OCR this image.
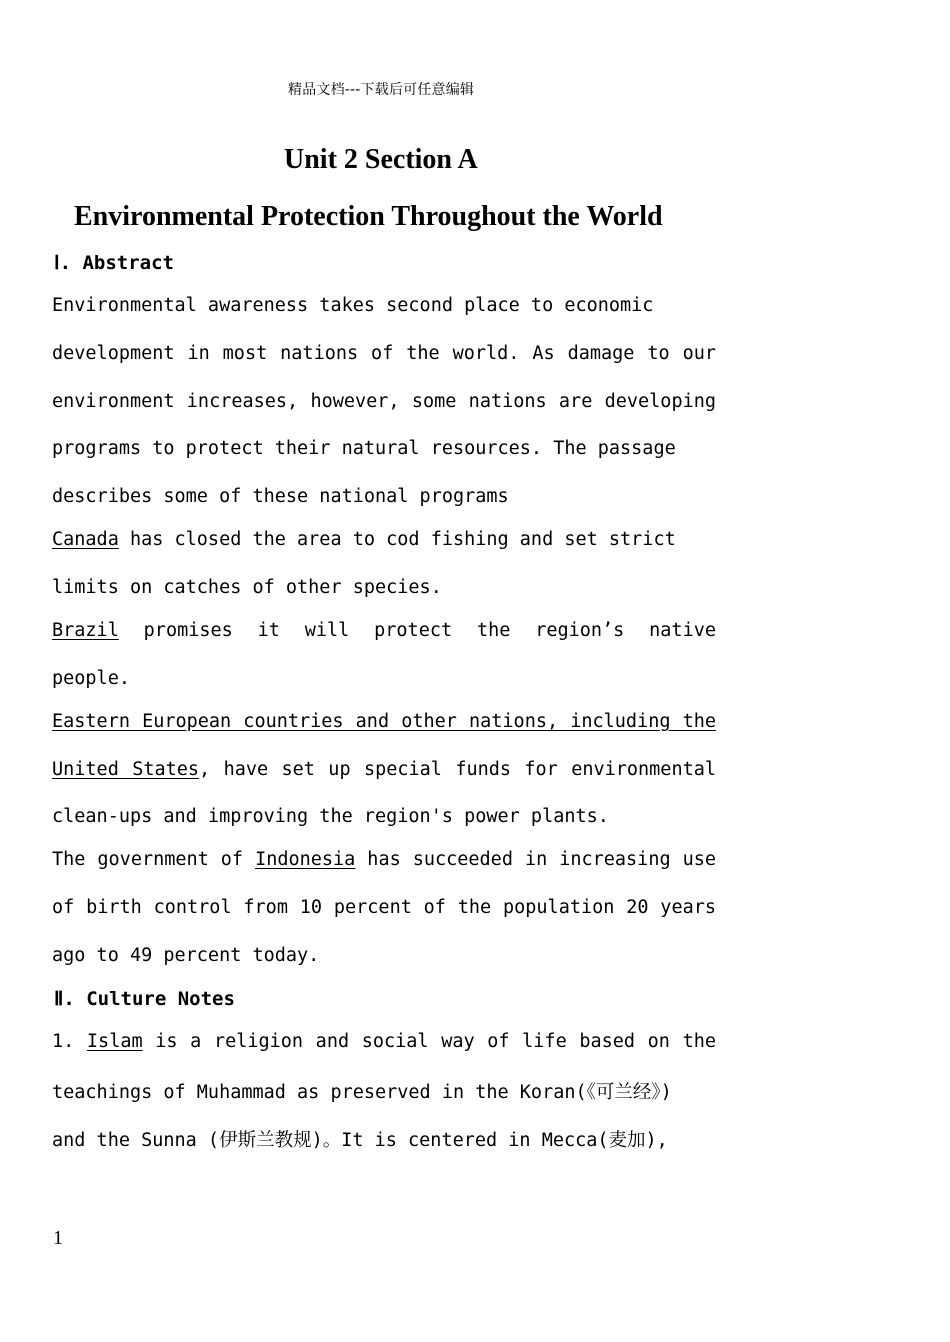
精品文档---下载后可任意编辑
Unit 2 Section A
Environmental Protection Throughout the World
Ⅰ. Abstract
Environmental awareness takes second place to economic
development in most nations of the world. As damage to our
environment increases, however, some nations are developing
programs to protect their natural resources. The passage
describes some of these national programs
Canada has closed the area to cod fishing and set strict
limits on catches of other species.
Brazil promises it will protect the region’s native
people.
Eastern European countries and other nations, including the
United States, have set up special funds for environmental
clean-ups and improving the region's power plants.
The government of Indonesia has succeeded in increasing use
of birth control from 10 percent of the population 20 years
ago to 49 percent today.
Ⅱ. Culture Notes
1. Islam is a religion and social way of life based on the
teachings of Muhammad as preserved in the Koran(《可兰经》)
and the Sunna (伊斯兰教规)。It is centered in Mecca(麦加),
1
